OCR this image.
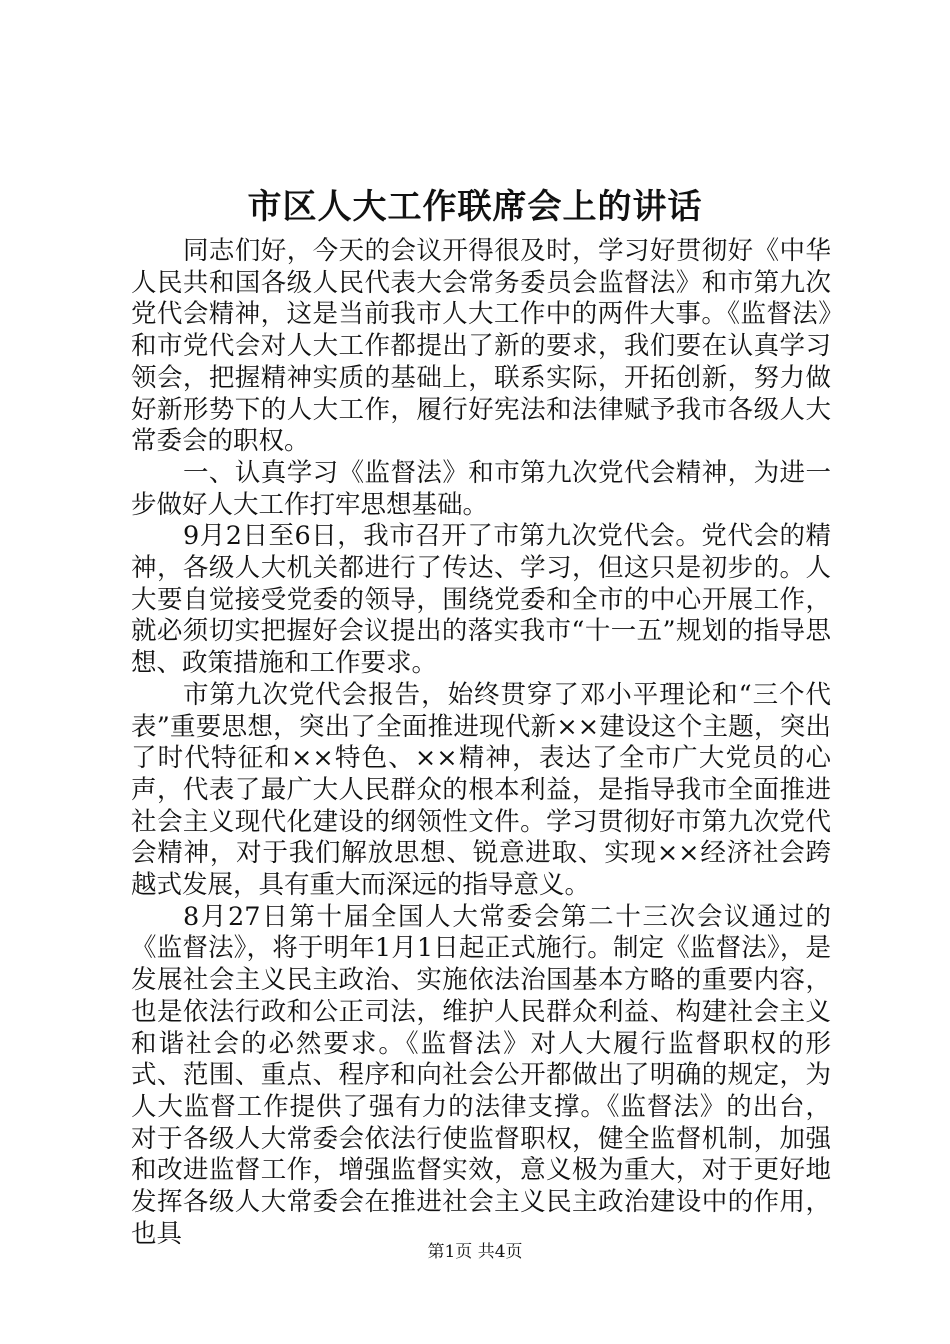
市区人大工作联席会上的讲话

同志们好，今天的会议开得很及时，学习好贯彻好《中华人民共和国各级人民代表大会常务委员会监督法》和市第九次党代会精神，这是当前我市人大工作中的两件大事。《监督法》和市党代会对人大工作都提出了新的要求，我们要在认真学习领会，把握精神实质的基础上，联系实际，开拓创新，努力做好新形势下的人大工作，履行好宪法和法律赋予我市各级人大常委会的职权。

一、认真学习《监督法》和市第九次党代会精神，为进一步做好人大工作打牢思想基础。

9月2日至6日，我市召开了市第九次党代会。党代会的精神，各级人大机关都进行了传达、学习，但这只是初步的。人大要自觉接受党委的领导，围绕党委和全市的中心开展工作，就必须切实把握好会议提出的落实我市“十一五”规划的指导思想、政策措施和工作要求。

市第九次党代会报告，始终贯穿了邓小平理论和“三个代表”重要思想，突出了全面推进现代新××建设这个主题，突出了时代特征和××特色、××精神，表达了全市广大党员的心声，代表了最广大人民群众的根本利益，是指导我市全面推进社会主义现代化建设的纲领性文件。学习贯彻好市第九次党代会精神，对于我们解放思想、锐意进取、实现××经济社会跨越式发展，具有重大而深远的指导意义。

8月27日第十届全国人大常委会第二十三次会议通过的《监督法》，将于明年1月1日起正式施行。制定《监督法》，是发展社会主义民主政治、实施依法治国基本方略的重要内容，也是依法行政和公正司法，维护人民群众利益、构建社会主义和谐社会的必然要求。《监督法》对人大履行监督职权的形式、范围、重点、程序和向社会公开都做出了明确的规定，为人大监督工作提供了强有力的法律支撑。《监督法》的出台，对于各级人大常委会依法行使监督职权，健全监督机制，加强和改进监督工作，增强监督实效，意义极为重大，对于更好地发挥各级人大常委会在推进社会主义民主政治建设中的作用，也具

第1页 共4页
